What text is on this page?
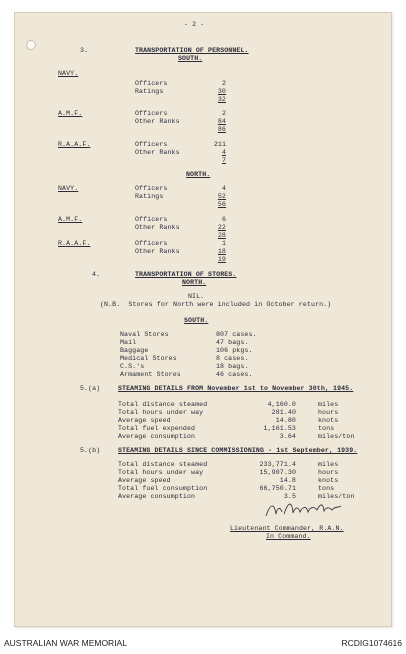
- 2 -
3.	TRANSPORTATION OF PERSONNEL.
SOUTH.
NAVY.
Officers	2
Ratings	30
32
A.M.F.	Officers	2
Other Ranks	84
86
R.A.A.F.	Officers	211
Other Ranks	4
7
NORTH.
NAVY.	Officers	4
Ratings	52
56
A.M.F.	Officers	6
Other Ranks	22
28
R.A.A.F.	Officers	1
Other Ranks	18
19
4.	TRANSPORTATION OF STORES.
NORTH.
NIL.
(N.B.  Stores for North were included in October return.)
SOUTH.
Naval Stores	807 cases.
Mail	47 bags.
Baggage	106 pkgs.
Medical Stores	8 cases.
C.S.'s	18 bags.
Armament Stores	46 cases.
5.(a)	STEAMING DETAILS FROM November 1st to November 30th, 1945.
Total distance steamed	4,160.0	miles
Total hours under way	281.40	hours
Average speed	14.80	knots
Total fuel expended	1,161.53	tons
Average consumption	3.64	miles/ton
5.(b)	STEAMING DETAILS SINCE COMMISSIONING - 1st September, 1939.
Total distance steamed	233,771.4	miles
Total hours under way	15,907.30	hours
Average speed	14.8	knots
Total fuel consumption	66,750.71	tons
Average consumption	3.5	miles/ton
Lieutenant Commander, R.A.N.
In Command.
AUSTRALIAN WAR MEMORIAL	RCDIG1074616
